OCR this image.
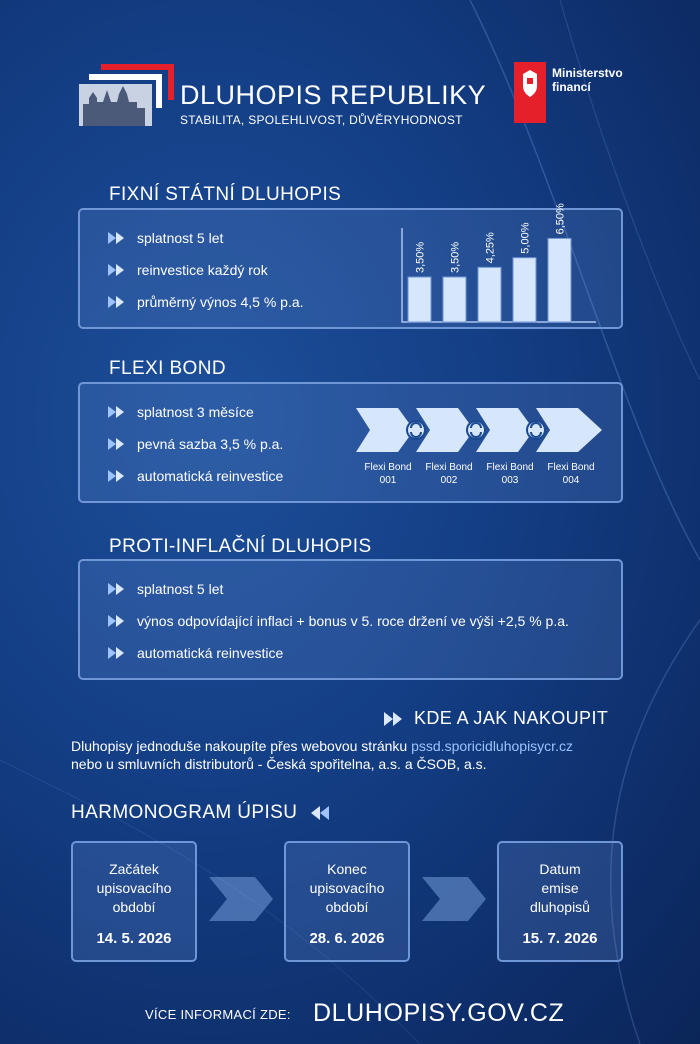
DLUHOPIS REPUBLIKY
STABILITA, SPOLEHLIVOST, DŮVĚRYHODNOST
Ministerstvo
financí
FIXNÍ STÁTNÍ DLUHOPIS
splatnost 5 let
reinvestice každý rok
průměrný výnos 4,5 % p.a.
3,50% 3,50% 4,25% 5,00%
6,50%
FLEXI BOND
splatnost 3 měsíce
pevná sazba 3,5 % p.a.
automatická reinvestice
Flexi Bond
001
Flexi Bond
002
Flexi Bond
003
Flexi Bond
004
PROTI-INFLAČNÍ DLUHOPIS
splatnost 5 let
výnos odpovídající inflaci + bonus v 5. roce držení ve výši +2,5 % p.a.
automatická reinvestice
KDE A JAK NAKOUPIT
Dluhopisy jednoduše nakoupíte přes webovou stránku pssd.sporicidluhopisycr.cz
nebo u smluvních distributorů - Česká spořitelna, a.s. a ČSOB, a.s.
HARMONOGRAM ÚPISU
Začátek
upisovacího
období
14. 5. 2026
Konec
upisovacího
období
28. 6. 2026
Datum
emise
dluhopisů
15. 7. 2026
VÍCE INFORMACÍ ZDE: DLUHOPISY.GOV.CZ
